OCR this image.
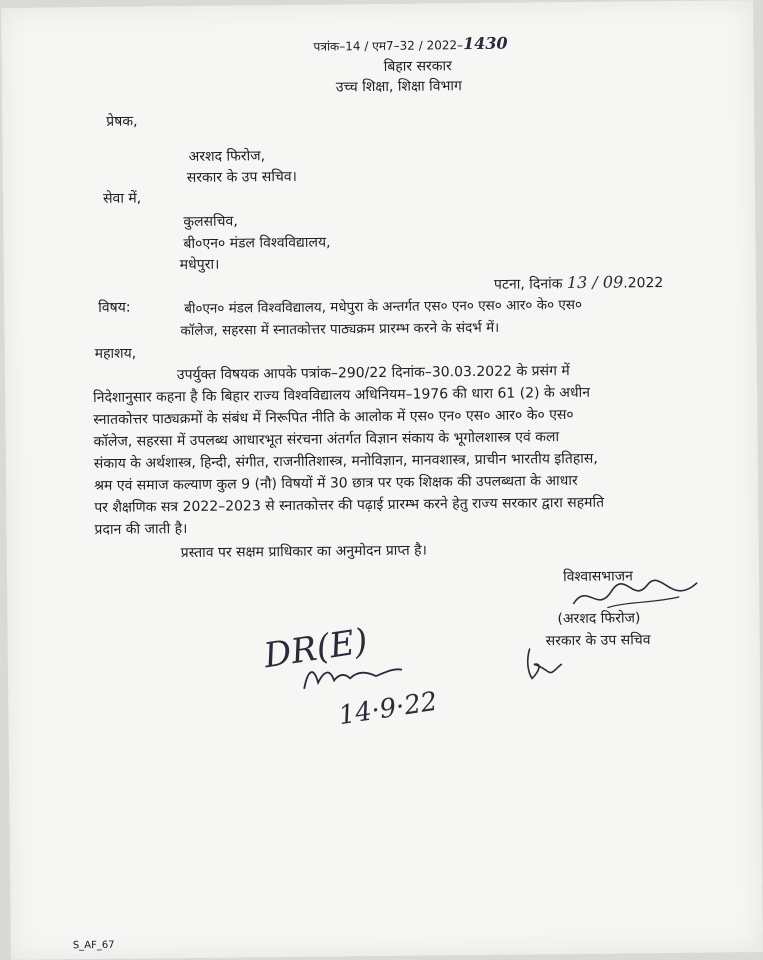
पत्रांक–14 / एम7–32 / 2022–1430
बिहार सरकार
उच्च शिक्षा, शिक्षा विभाग
प्रेषक,
अरशद फिरोज,
सरकार के उप सचिव।
सेवा में,
कुलसचिव,
बी०एन० मंडल विश्वविद्यालय,
मधेपुरा।
पटना, दिनांक 13 / 09.2022
विषय:	बी०एन० मंडल विश्वविद्यालय, मधेपुरा के अन्तर्गत एस० एन० एस० आर० के० एस०
कॉलेज, सहरसा में स्नातकोत्तर पाठ्यक्रम प्रारम्भ करने के संदर्भ में।
महाशय,
उपर्युक्त विषयक आपके पत्रांक–290/22 दिनांक–30.03.2022 के प्रसंग में
निदेशानुसार कहना है कि बिहार राज्य विश्वविद्यालय अधिनियम–1976 की धारा 61 (2) के अधीन
स्नातकोत्तर पाठ्यक्रमों के संबंध में निरूपित नीति के आलोक में एस० एन० एस० आर० के० एस०
कॉलेज, सहरसा में उपलब्ध आधारभूत संरचना अंतर्गत विज्ञान संकाय के भूगोलशास्त्र एवं कला
संकाय के अर्थशास्त्र, हिन्दी, संगीत, राजनीतिशास्त्र, मनोविज्ञान, मानवशास्त्र, प्राचीन भारतीय इतिहास,
श्रम एवं समाज कल्याण कुल 9 (नौ) विषयों में 30 छात्र पर एक शिक्षक की उपलब्धता के आधार
पर शैक्षणिक सत्र 2022–2023 से स्नातकोत्तर की पढ़ाई प्रारम्भ करने हेतु राज्य सरकार द्वारा सहमति
प्रदान की जाती है।
प्रस्ताव पर सक्षम प्राधिकार का अनुमोदन प्राप्त है।
विश्वासभाजन
(अरशद फिरोज)
सरकार के उप सचिव
DR(E)
14·9·22
S_AF_67
